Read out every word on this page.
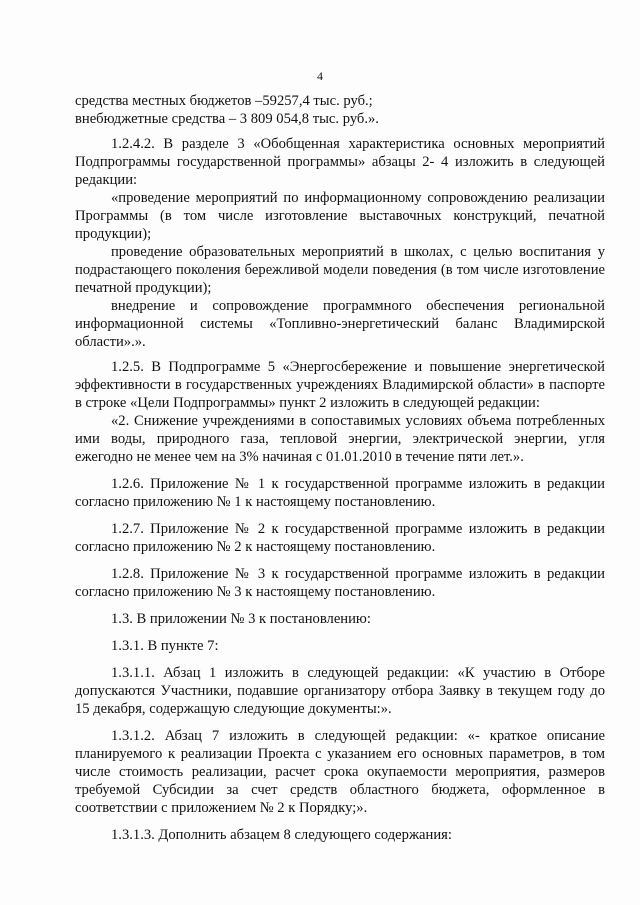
4

средства местных бюджетов –59257,4 тыс. руб.;

внебюджетные средства – 3 809 054,8 тыс. руб.».

1.2.4.2. В разделе 3 «Обобщенная характеристика основных мероприятий Подпрограммы государственной программы» абзацы 2- 4 изложить в следующей редакции:

«проведение мероприятий по информационному сопровождению реализации Программы (в том числе изготовление выставочных конструкций, печатной продукции);

проведение образовательных мероприятий в школах, с целью воспитания у подрастающего поколения бережливой модели поведения (в том числе изготовление печатной продукции);

внедрение и сопровождение программного обеспечения региональной информационной системы «Топливно-энергетический баланс Владимирской области».».

1.2.5. В Подпрограмме 5 «Энергосбережение и повышение энергетической эффективности в государственных учреждениях Владимирской области» в паспорте в строке «Цели Подпрограммы» пункт 2 изложить в следующей редакции:

«2. Снижение учреждениями в сопоставимых условиях объема потребленных ими воды, природного газа, тепловой энергии, электрической энергии, угля ежегодно не менее чем на 3% начиная с 01.01.2010 в течение пяти лет.».

1.2.6. Приложение № 1 к государственной программе изложить в редакции согласно приложению № 1 к настоящему постановлению.

1.2.7. Приложение № 2 к государственной программе изложить в редакции согласно приложению № 2 к настоящему постановлению.

1.2.8. Приложение № 3 к государственной программе изложить в редакции согласно приложению № 3 к настоящему постановлению.

1.3. В приложении № 3 к постановлению:

1.3.1. В пункте 7:

1.3.1.1. Абзац 1 изложить в следующей редакции: «К участию в Отборе допускаются Участники, подавшие организатору отбора Заявку в текущем году до 15 декабря, содержащую следующие документы:».

1.3.1.2. Абзац 7 изложить в следующей редакции: «- краткое описание планируемого к реализации Проекта с указанием его основных параметров, в том числе стоимость реализации, расчет срока окупаемости мероприятия, размеров требуемой Субсидии за счет средств областного бюджета, оформленное в соответствии с приложением № 2 к Порядку;».

1.3.1.3. Дополнить абзацем 8 следующего содержания:
